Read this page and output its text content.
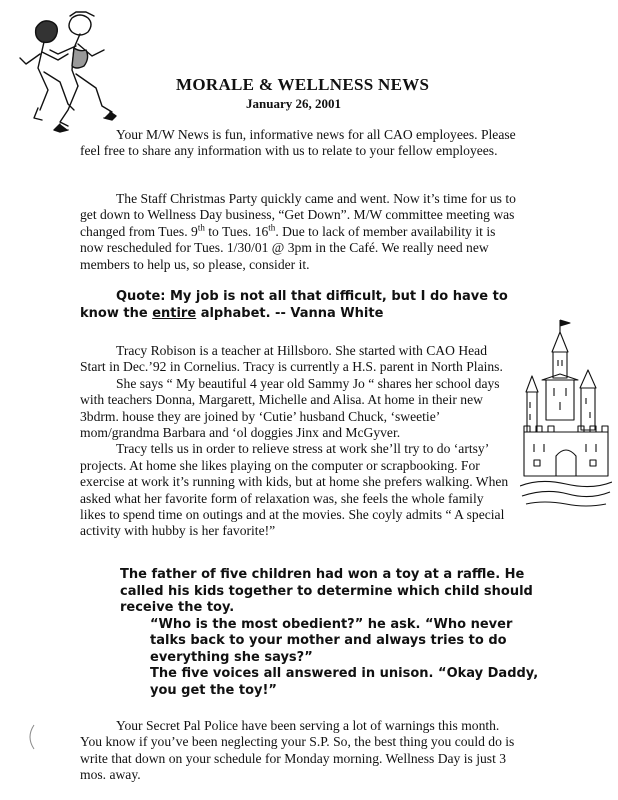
MORALE & WELLNESS NEWS
January 26, 2001
Your M/W News is fun, informative news for all CAO employees. Please feel free to share any information with us to relate to your fellow employees.
The Staff Christmas Party quickly came and went. Now it’s time for us to get down to Wellness Day business, “Get Down”. M/W committee meeting was changed from Tues. 9th to Tues. 16th. Due to lack of member availability it is now rescheduled for Tues. 1/30/01 @ 3pm in the Café. We really need new members to help us, so please, consider it.
Quote: My job is not all that difficult, but I do have to know the entire alphabet. -- Vanna White

Tracy Robison is a teacher at Hillsboro. She started with CAO Head Start in Dec.’92 in Cornelius. Tracy is currently a H.S. parent in North Plains.

She says “ My beautiful 4 year old Sammy Jo “ shares her school days with teachers Donna, Margarett, Michelle and Alisa. At home in their new 3bdrm. house they are joined by ‘Cutie’ husband Chuck, ‘sweetie’ mom/grandma Barbara and ‘ol doggies Jinx and McGyver.

Tracy tells us in order to relieve stress at work she’ll try to do ‘artsy’ projects. At home she likes playing on the computer or scrapbooking. For exercise at work it’s running with kids, but at home she prefers walking. When asked what her favorite form of relaxation was, she feels the whole family likes to spend time on outings and at the movies. She coyly admits “ A special activity with hubby is her favorite!”

The father of five children had won a toy at a raffle. He called his kids together to determine which child should receive the toy.

“Who is the most obedient?” he ask. “Who never talks back to your mother and always tries to do everything she says?”

The five voices all answered in unison. “Okay Daddy, you get the toy!”

Your Secret Pal Police have been serving a lot of warnings this month. You know if you’ve been neglecting your S.P. So, the best thing you could do is write that down on your schedule for Monday morning. Wellness Day is just 3 mos. away.
